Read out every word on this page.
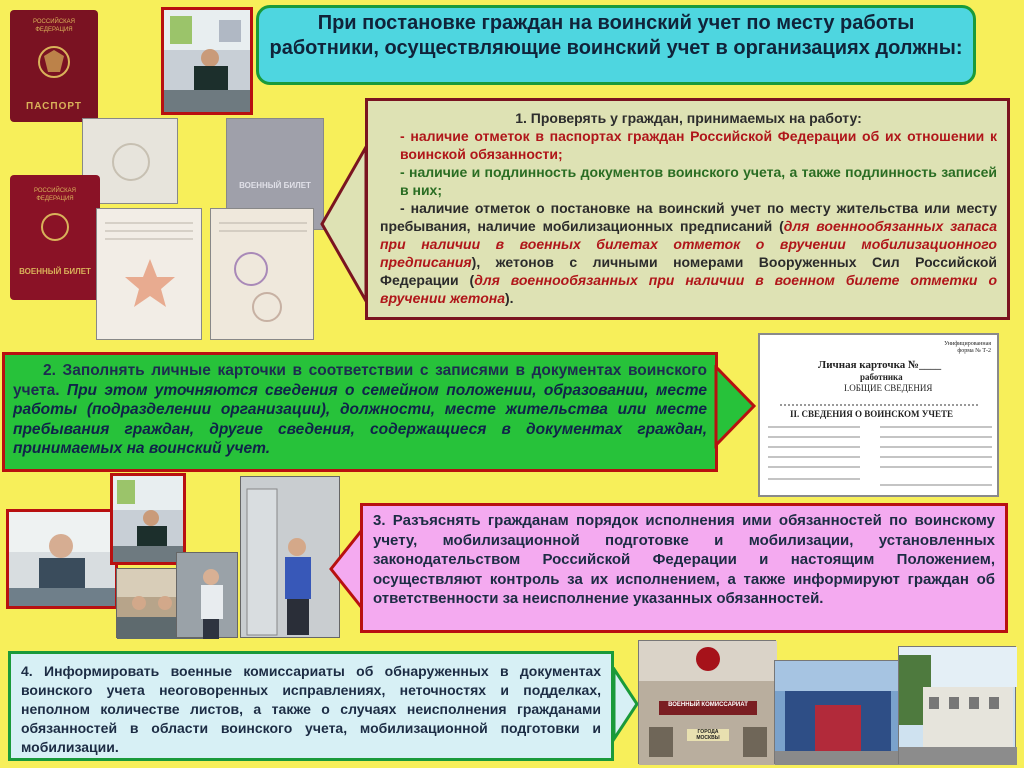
При постановке граждан на воинский учет по месту работы работники, осуществляющие воинский учет в организациях должны:
РОССИЙСКАЯ ФЕДЕРАЦИЯ
ПАСПОРТ
ВОЕННЫЙ БИЛЕТ
РОССИЙСКАЯ ФЕДЕРАЦИЯ
ВОЕННЫЙ БИЛЕТ
1. Проверять у граждан, принимаемых на работу:
- наличие отметок в паспортах граждан Российской Федерации об их отношении к воинской обязанности;
- наличие и подлинность документов воинского учета, а также подлинность записей в них;
- наличие отметок о постановке на воинский учет по месту жительства или месту пребывания, наличие мобилизационных предписаний (для военнообязанных запаса при наличии в военных билетах отметок о вручении мобилизационного предписания), жетонов с личными номерами Вооруженных Сил Российской Федерации (для военнообязанных при наличии в военном билете отметки о вручении жетона).
2. Заполнять личные карточки в соответствии с записями в документах воинского учета. При этом уточняются сведения о семейном положении, образовании, месте работы (подразделении организации), должности, месте жительства или месте пребывания граждан, другие сведения, содержащиеся в документах граждан, принимаемых на воинский учет.
Унифицированная
форма № Т-2
Личная карточка №____
работника
I.ОБЩИЕ СВЕДЕНИЯ
II. СВЕДЕНИЯ О ВОИНСКОМ УЧЕТЕ
3. Разъяснять гражданам порядок исполнения ими обязанностей по воинскому учету, мобилизационной подготовке и мобилизации, установленных законодательством Российской Федерации и настоящим Положением, осуществляют контроль за их исполнением, а также информируют граждан об ответственности за неисполнение указанных обязанностей.
4. Информировать военные комиссариаты об обнаруженных в документах воинского учета неоговоренных исправлениях, неточностях и подделках, неполном количестве листов, а также о случаях неисполнения гражданами обязанностей в области воинского учета, мобилизационной подготовки и мобилизации.
ВОЕННЫЙ КОМИССАРИАТ
ГОРОДА МОСКВЫ
